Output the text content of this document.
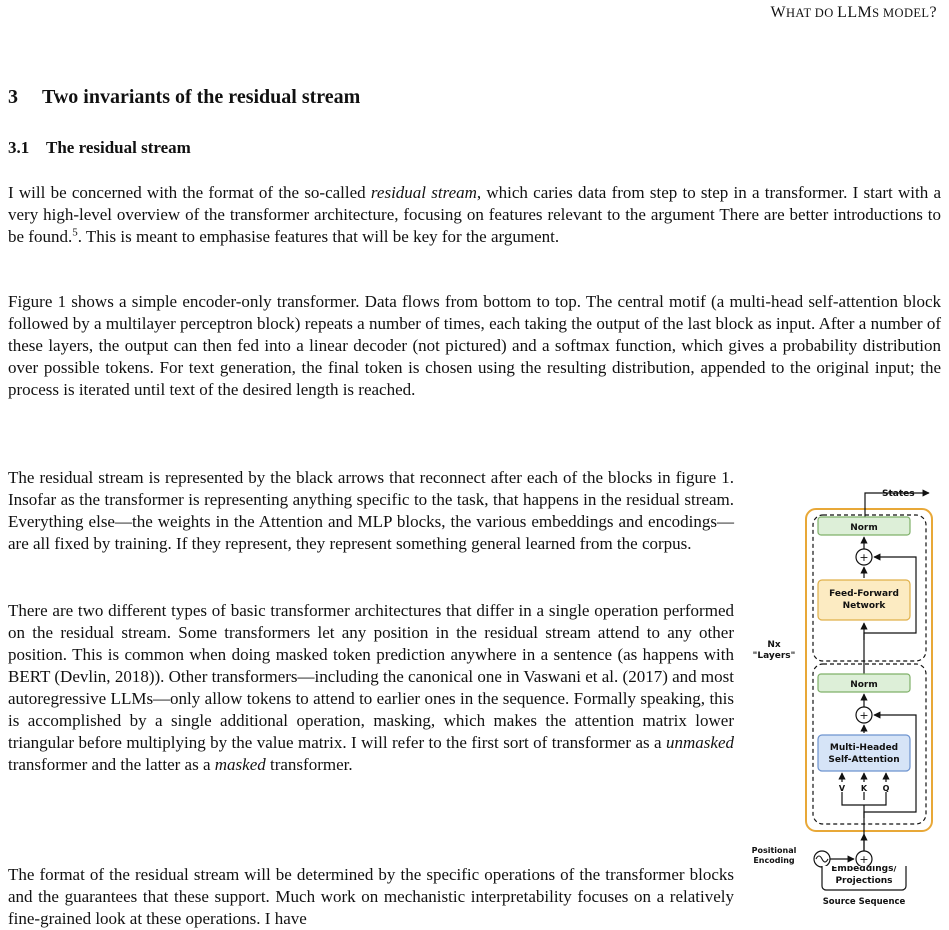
WHAT DO LLMS MODEL?
3 Two invariants of the residual stream
3.1 The residual stream

I will be concerned with the format of the so-called residual stream, which caries data from step to step in a transformer. I start with a very high-level overview of the transformer architecture, focusing on features relevant to the argument There are better introductions to be found.$^5$. This is meant to emphasise features that will be key for the argument.

Figure 1 shows a simple encoder-only transformer. Data flows from bottom to top. The central motif (a multi-head self-attention block followed by a multilayer perceptron block) repeats a number of times, each taking the output of the last block as input. After a number of these layers, the output can then fed into a linear decoder (not pictured) and a softmax function, which gives a probability distribution over possible tokens. For text generation, the final token is chosen using the resulting distribution, appended to the original input; the process is iterated until text of the desired length is reached.

The residual stream is represented by the black arrows that reconnect after each of the blocks in figure 1. Insofar as the transformer is representing anything specific to the task, that happens in the residual stream. Everything else—the weights in the Attention and MLP blocks, the various embeddings and encodings—are all fixed by training. If they represent, they represent something general learned from the corpus.

There are two different types of basic transformer architectures that differ in a single operation performed on the residual stream. Some transformers let any position in the residual stream attend to any other position. This is common when doing masked token prediction anywhere in a sentence (as happens with BERT (Devlin, 2018)). Other transformers—including the canonical one in Vaswani et al. (2017) and most autoregressive LLMs—only allow tokens to attend to earlier ones in the sequence. Formally speaking, this is accomplished by a single additional operation, masking, which makes the attention matrix lower triangular before multiplying by the value matrix. I will refer to the first sort of transformer as a unmasked transformer and the latter as a masked transformer.

The format of the residual stream will be determined by the specific operations of the transformer blocks and the guarantees that these support. Much work on mechanistic interpretability focuses on a relatively fine-grained look at these operations. I have

States
Norm
+
Feed-Forward
Network
Nx
"Layers"
Norm
+
Multi-Headed
Self-Attention
V K Q
Positional
Encoding	+
Embeddings/
Projections
Source Sequence
